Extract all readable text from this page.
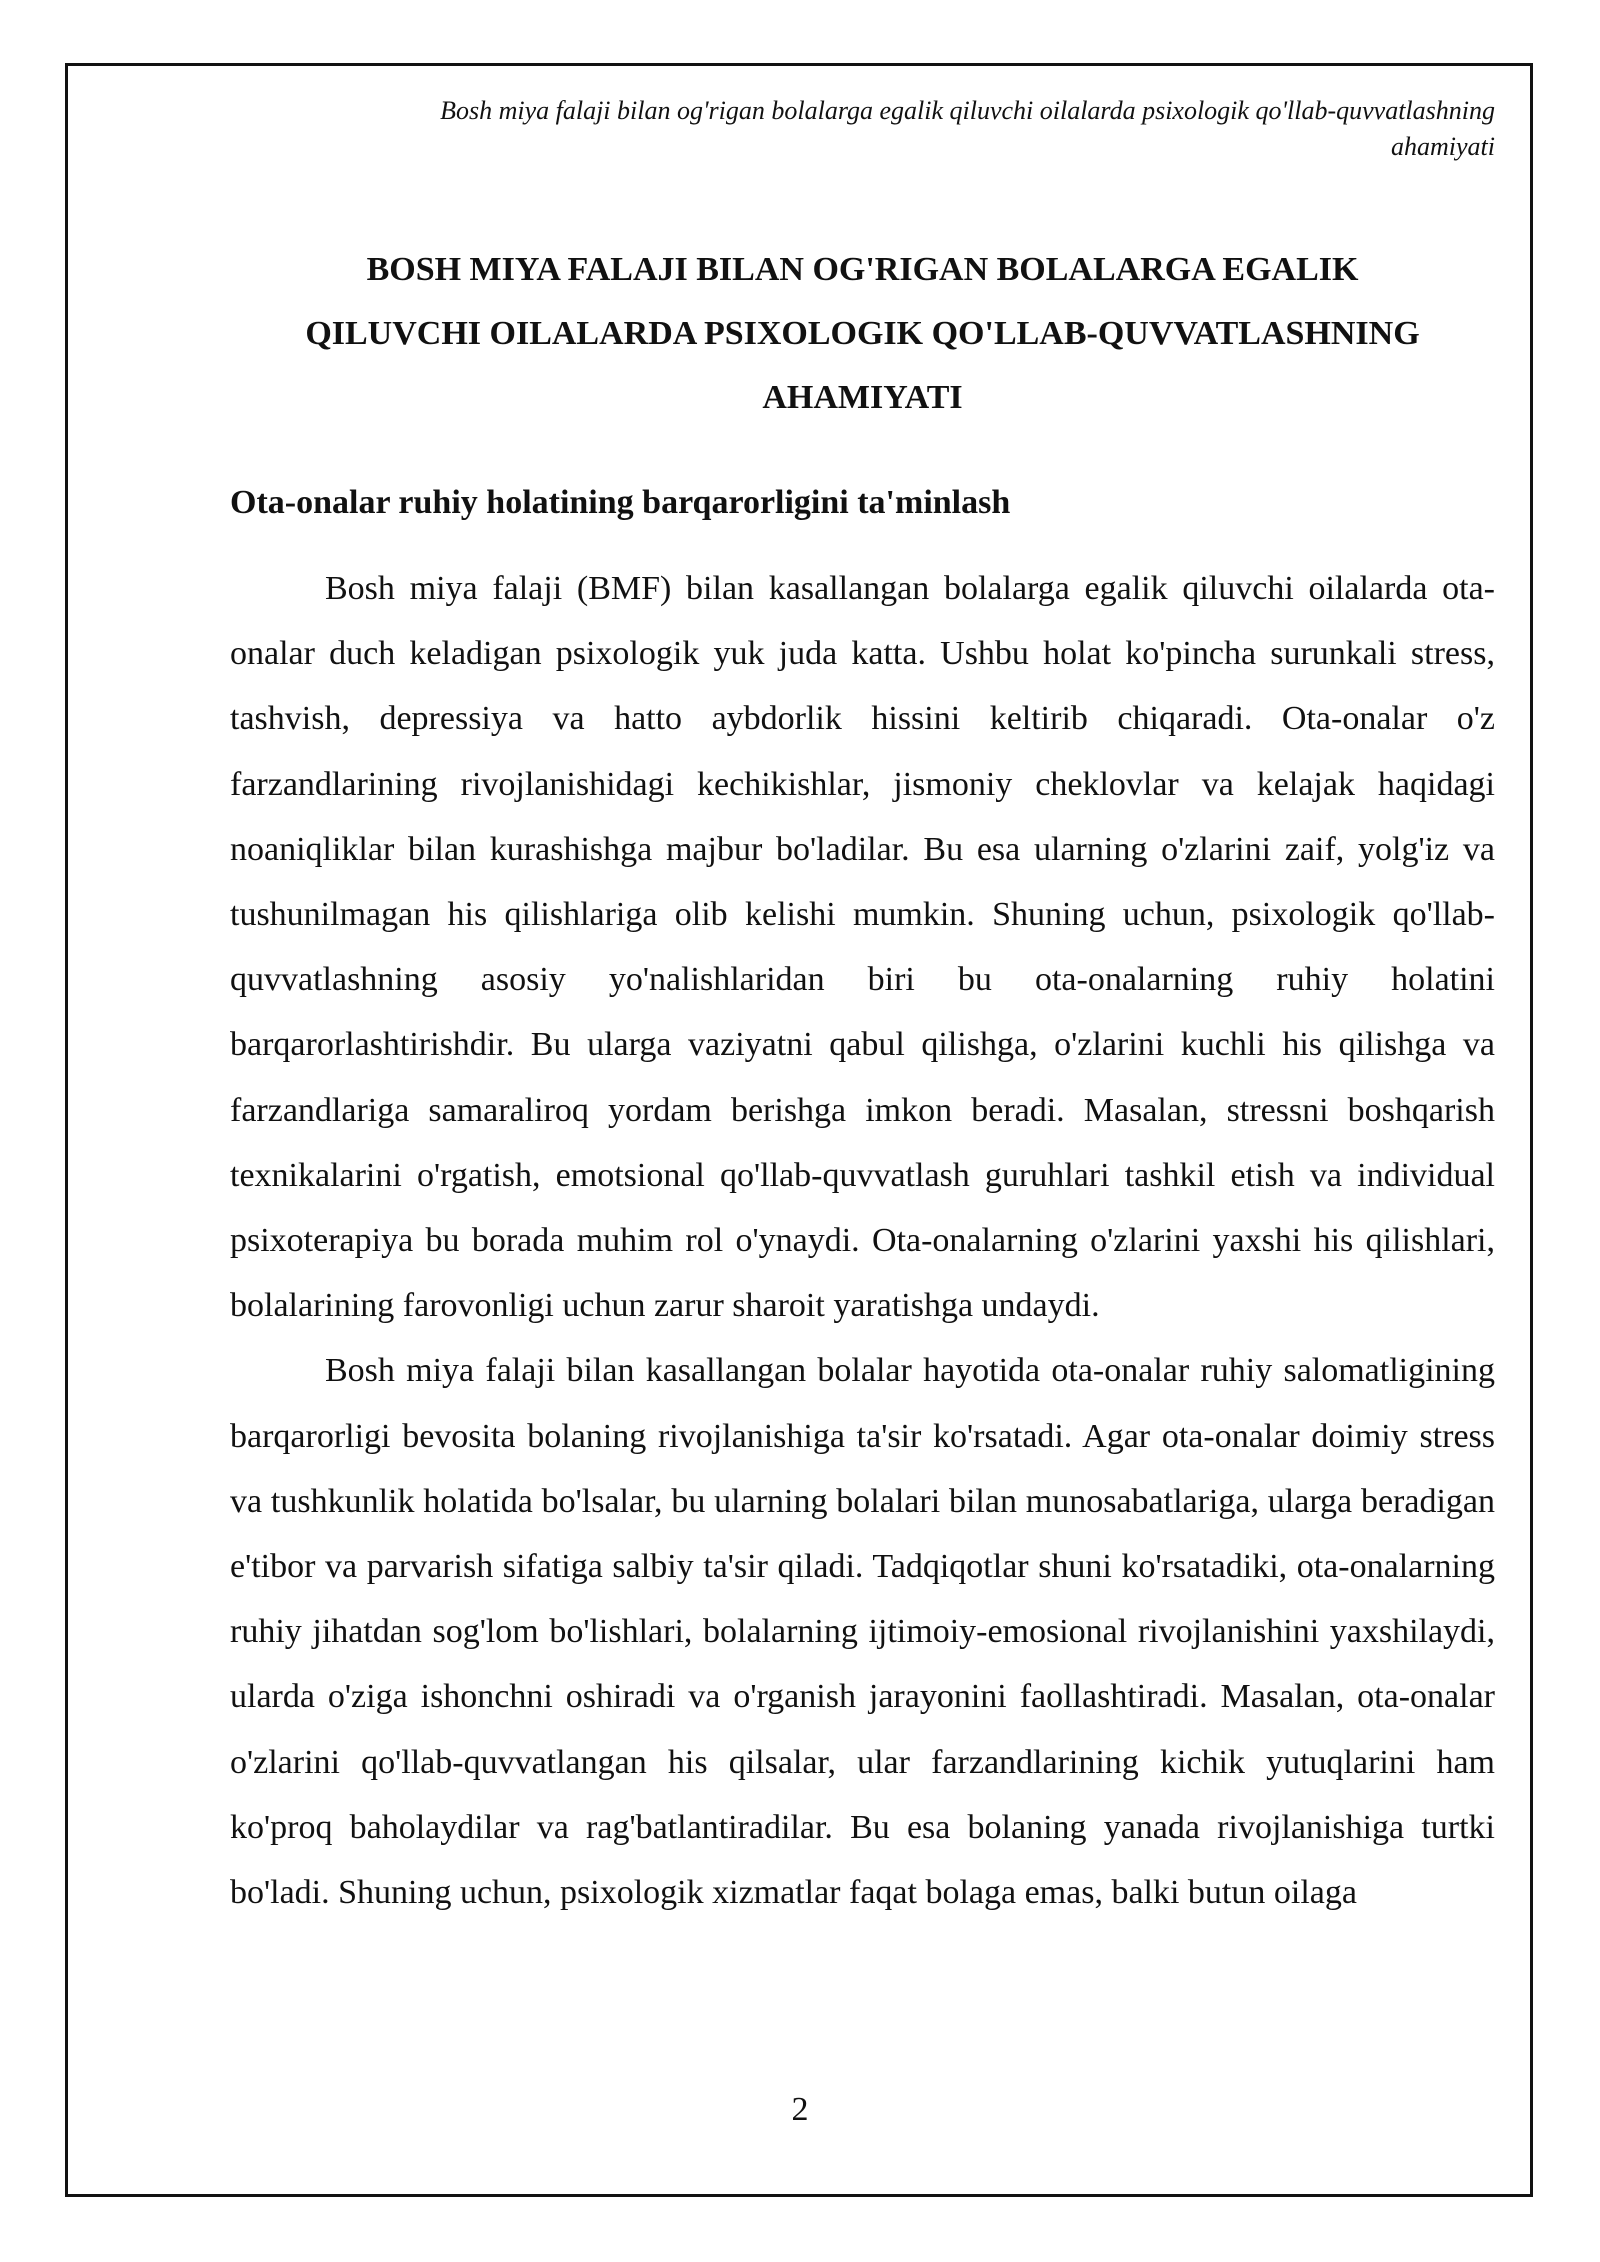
Bosh miya falaji bilan og'rigan bolalarga egalik qiluvchi oilalarda psixologik qo'llab-quvvatlashning
ahamiyati
BOSH MIYA FALAJI BILAN OG'RIGAN BOLALARGA EGALIK
QILUVCHI OILALARDA PSIXOLOGIK QO'LLAB-QUVVATLASHNING
AHAMIYATI
Ota-onalar ruhiy holatining barqarorligini ta'minlash

Bosh miya falaji (BMF) bilan kasallangan bolalarga egalik qiluvchi oilalarda ota-onalar duch keladigan psixologik yuk juda katta. Ushbu holat ko'pincha surunkali stress, tashvish, depressiya va hatto aybdorlik hissini keltirib chiqaradi. Ota-onalar o'z farzandlarining rivojlanishidagi kechikishlar, jismoniy cheklovlar va kelajak haqidagi noaniqliklar bilan kurashishga majbur bo'ladilar. Bu esa ularning o'zlarini zaif, yolg'iz va tushunilmagan his qilishlariga olib kelishi mumkin. Shuning uchun, psixologik qo'llab-quvvatlashning asosiy yo'nalishlaridan biri bu ota-onalarning ruhiy holatini barqarorlashtirishdir. Bu ularga vaziyatni qabul qilishga, o'zlarini kuchli his qilishga va farzandlariga samaraliroq yordam berishga imkon beradi. Masalan, stressni boshqarish texnikalarini o'rgatish, emotsional qo'llab-quvvatlash guruhlari tashkil etish va individual psixoterapiya bu borada muhim rol o'ynaydi. Ota-onalarning o'zlarini yaxshi his qilishlari, bolalarining farovonligi uchun zarur sharoit yaratishga undaydi.

Bosh miya falaji bilan kasallangan bolalar hayotida ota-onalar ruhiy salomatligining barqarorligi bevosita bolaning rivojlanishiga ta'sir ko'rsatadi. Agar ota-onalar doimiy stress va tushkunlik holatida bo'lsalar, bu ularning bolalari bilan munosabatlariga, ularga beradigan e'tibor va parvarish sifatiga salbiy ta'sir qiladi. Tadqiqotlar shuni ko'rsatadiki, ota-onalarning ruhiy jihatdan sog'lom bo'lishlari, bolalarning ijtimoiy-emosional rivojlanishini yaxshilaydi, ularda o'ziga ishonchni oshiradi va o'rganish jarayonini faollashtiradi. Masalan, ota-onalar o'zlarini qo'llab-quvvatlangan his qilsalar, ular farzandlarining kichik yutuqlarini ham ko'proq baholaydilar va rag'batlantiradilar. Bu esa bolaning yanada rivojlanishiga turtki bo'ladi. Shuning uchun, psixologik xizmatlar faqat bolaga emas, balki butun oilaga

2
